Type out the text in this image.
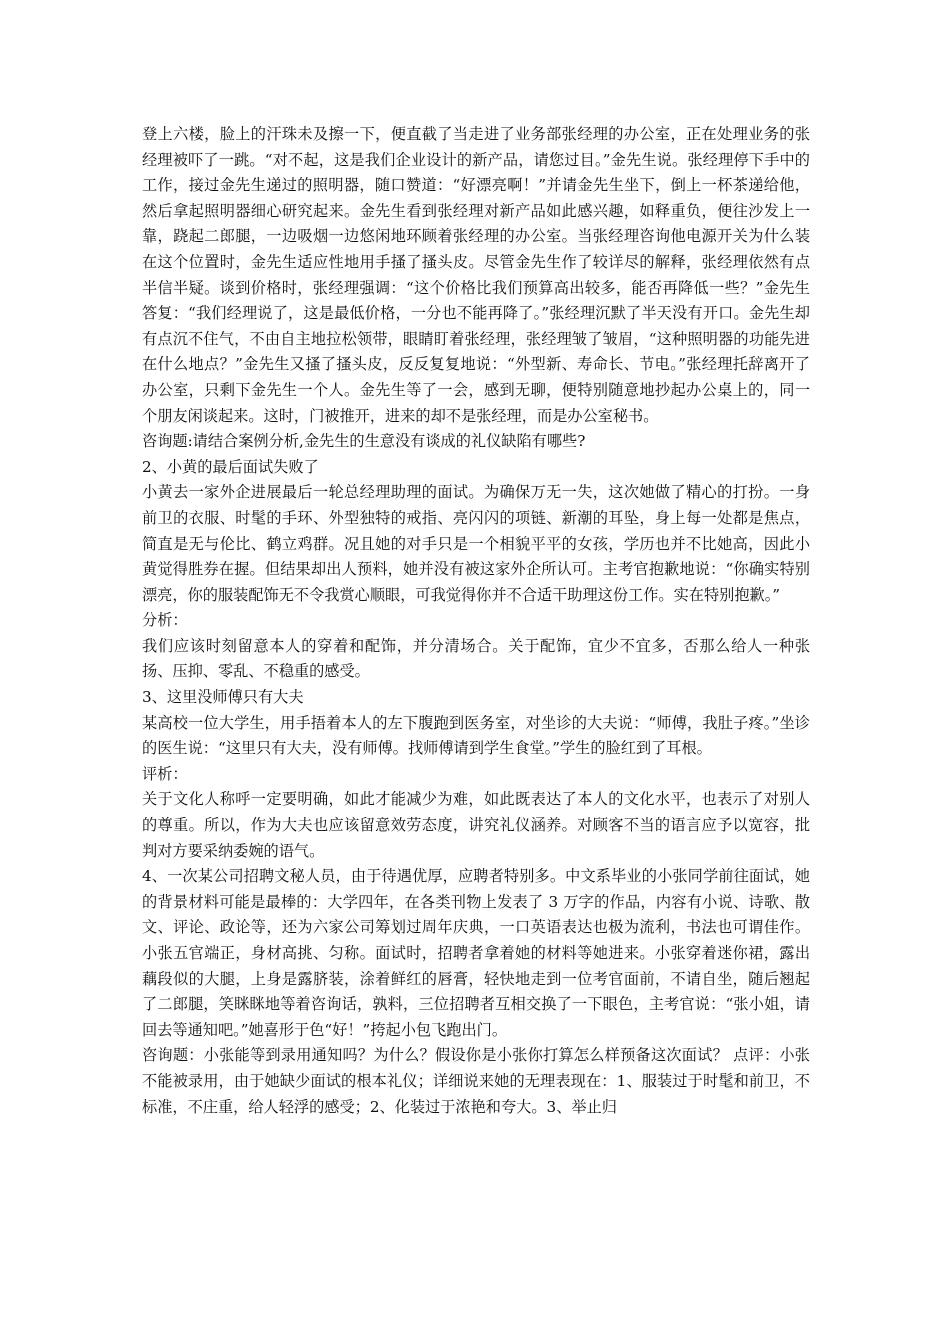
登上六楼，脸上的汗珠未及擦一下，便直截了当走进了业务部张经理的办公室，正在处理业务的张经理被吓了一跳。“对不起，这是我们企业设计的新产品，请您过目。”金先生说。张经理停下手中的工作，接过金先生递过的照明器，随口赞道：“好漂亮啊！”并请金先生坐下，倒上一杯茶递给他，然后拿起照明器细心研究起来。金先生看到张经理对新产品如此感兴趣，如释重负，便往沙发上一靠，跷起二郎腿，一边吸烟一边悠闲地环顾着张经理的办公室。当张经理咨询他电源开关为什么装在这个位置时，金先生适应性地用手搔了搔头皮。尽管金先生作了较详尽的解释，张经理依然有点半信半疑。谈到价格时，张经理强调：“这个价格比我们预算高出较多，能否再降低一些？”金先生答复：“我们经理说了，这是最低价格，一分也不能再降了。”张经理沉默了半天没有开口。金先生却有点沉不住气，不由自主地拉松领带，眼睛盯着张经理，张经理皱了皱眉，“这种照明器的功能先进在什么地点？”金先生又搔了搔头皮，反反复复地说：“外型新、寿命长、节电。”张经理托辞离开了办公室，只剩下金先生一个人。金先生等了一会，感到无聊，便特别随意地抄起办公桌上的，同一个朋友闲谈起来。这时，门被推开，进来的却不是张经理，而是办公室秘书。

咨询题:请结合案例分析,金先生的生意没有谈成的礼仪缺陷有哪些?

2、小黄的最后面试失败了

小黄去一家外企进展最后一轮总经理助理的面试。为确保万无一失，这次她做了精心的打扮。一身前卫的衣服、时髦的手环、外型独特的戒指、亮闪闪的项链、新潮的耳坠，身上每一处都是焦点，简直是无与伦比、鹤立鸡群。况且她的对手只是一个相貌平平的女孩，学历也并不比她高，因此小黄觉得胜券在握。但结果却出人预料，她并没有被这家外企所认可。主考官抱歉地说：“你确实特别漂亮，你的服装配饰无不令我赏心顺眼，可我觉得你并不合适干助理这份工作。实在特别抱歉。”

分析：

我们应该时刻留意本人的穿着和配饰，并分清场合。关于配饰，宜少不宜多，否那么给人一种张扬、压抑、零乱、不稳重的感受。

3、这里没师傅只有大夫

某高校一位大学生，用手捂着本人的左下腹跑到医务室，对坐诊的大夫说：“师傅，我肚子疼。”坐诊的医生说：“这里只有大夫，没有师傅。找师傅请到学生食堂。”学生的脸红到了耳根。

评析：

关于文化人称呼一定要明确，如此才能减少为难，如此既表达了本人的文化水平，也表示了对别人的尊重。所以，作为大夫也应该留意效劳态度，讲究礼仪涵养。对顾客不当的语言应予以宽容，批判对方要采纳委婉的语气。

4、一次某公司招聘文秘人员，由于待遇优厚，应聘者特别多。中文系毕业的小张同学前往面试，她的背景材料可能是最棒的：大学四年，在各类刊物上发表了 3 万字的作品，内容有小说、诗歌、散文、评论、政论等，还为六家公司筹划过周年庆典，一口英语表达也极为流利，书法也可谓佳作。小张五官端正，身材高挑、匀称。面试时，招聘者拿着她的材料等她进来。小张穿着迷你裙，露出藕段似的大腿，上身是露脐装，涂着鲜红的唇膏，轻快地走到一位考官面前，不请自坐，随后翘起了二郎腿，笑眯眯地等着咨询话，孰料，三位招聘者互相交换了一下眼色，主考官说：“张小姐，请回去等通知吧。”她喜形于色“好！”挎起小包飞跑出门。

咨询题：小张能等到录用通知吗？为什么？假设你是小张你打算怎么样预备这次面试？ 点评：小张不能被录用，由于她缺少面试的根本礼仪；详细说来她的无理表现在：1、服装过于时髦和前卫，不标准，不庄重，给人轻浮的感受；2、化装过于浓艳和夸大。3、举止归
